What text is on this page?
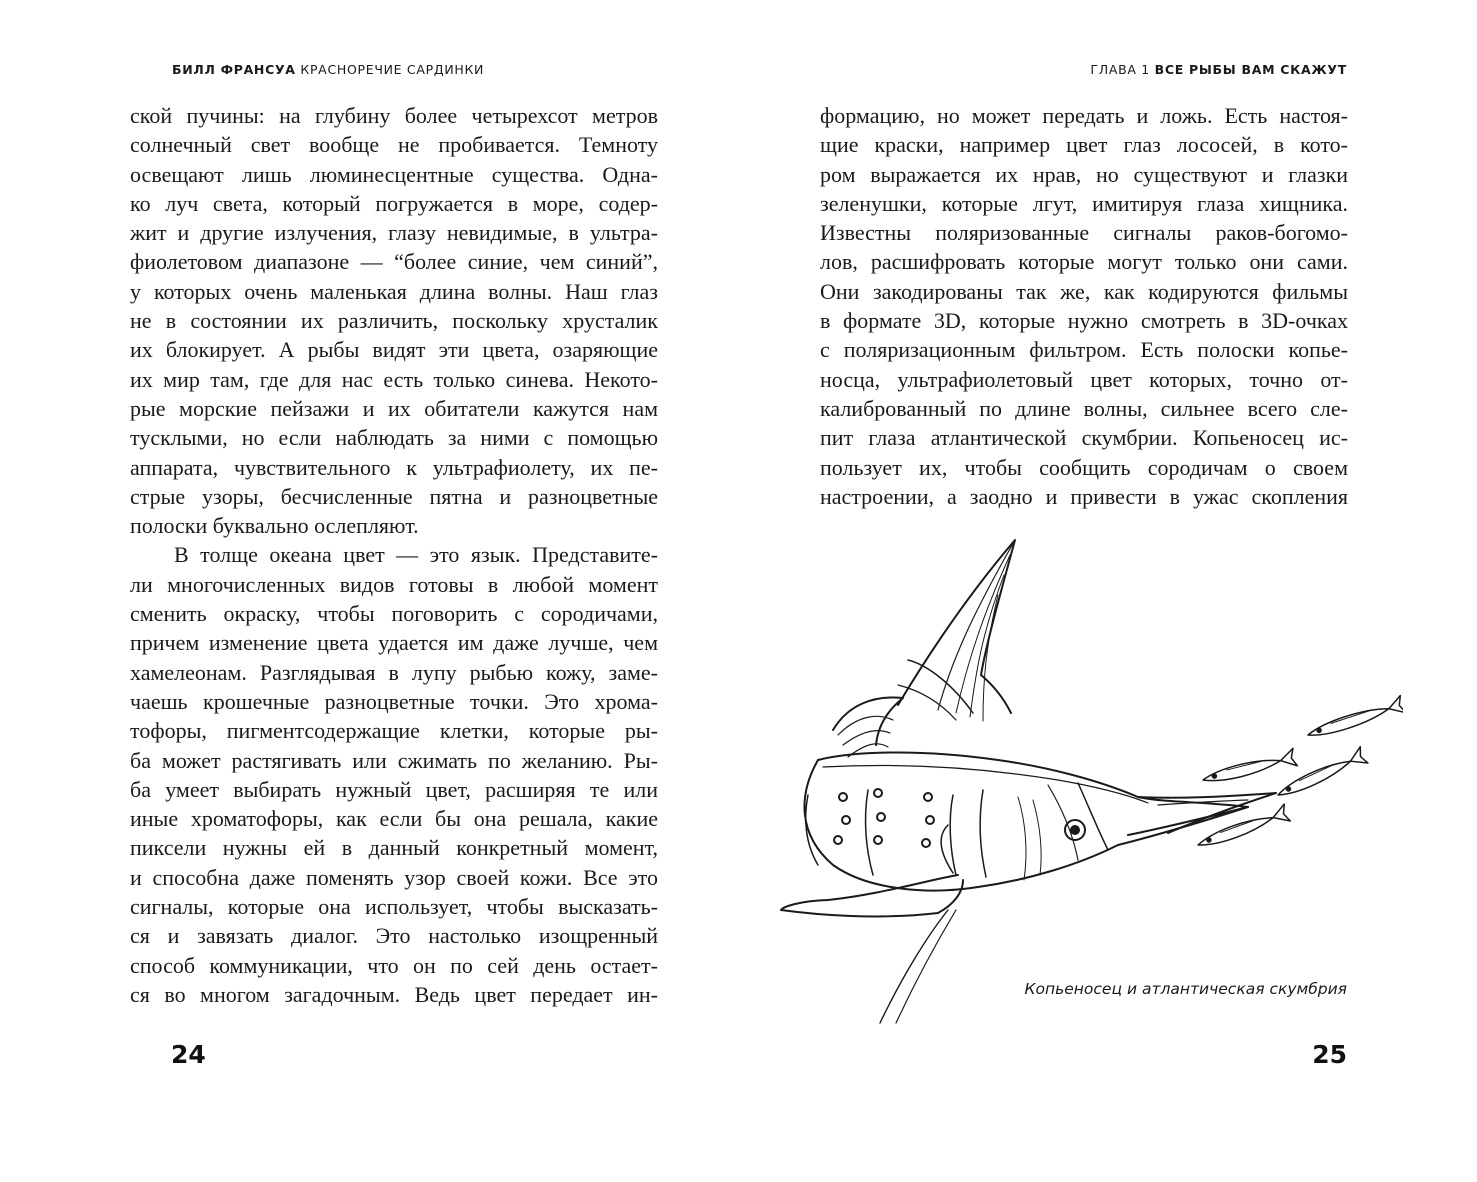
БИЛЛ ФРАНСУА КРАСНОРЕЧИЕ САРДИНКИ
ской пучины: на глубину более четырехсот метров
солнечный свет вообще не пробивается. Темноту
освещают лишь люминесцентные существа. Одна-
ко луч света, который погружается в море, содер-
жит и другие излучения, глазу невидимые, в ультра-
фиолетовом диапазоне — “более синие, чем синий”,
у которых очень маленькая длина волны. Наш глаз
не в состоянии их различить, поскольку хрусталик
их блокирует. А рыбы видят эти цвета, озаряющие
их мир там, где для нас есть только синева. Некото-
рые морские пейзажи и их обитатели кажутся нам
тусклыми, но если наблюдать за ними с помощью
аппарата, чувствительного к ультрафиолету, их пе-
стрые узоры, бесчисленные пятна и разноцветные
полоски буквально ослепляют.
В толще океана цвет — это язык. Представите-
ли многочисленных видов готовы в любой момент
сменить окраску, чтобы поговорить с сородичами,
причем изменение цвета удается им даже лучше, чем
хамелеонам. Разглядывая в лупу рыбью кожу, заме-
чаешь крошечные разноцветные точки. Это хрома-
тофоры, пигментсодержащие клетки, которые ры-
ба может растягивать или сжимать по желанию. Ры-
ба умеет выбирать нужный цвет, расширяя те или
иные хроматофоры, как если бы она решала, какие
пиксели нужны ей в данный конкретный момент,
и способна даже поменять узор своей кожи. Все это
сигналы, которые она использует, чтобы высказать-
ся и завязать диалог. Это настолько изощренный
способ коммуникации, что он по сей день остает-
ся во многом загадочным. Ведь цвет передает ин-
24
ГЛАВА 1 ВСЕ РЫБЫ ВАМ СКАЖУТ
формацию, но может передать и ложь. Есть настоя-
щие краски, например цвет глаз лососей, в кото-
ром выражается их нрав, но существуют и глазки
зеленушки, которые лгут, имитируя глаза хищника.
Известны поляризованные сигналы раков-богомо-
лов, расшифровать которые могут только они сами.
Они закодированы так же, как кодируются фильмы
в формате 3D, которые нужно смотреть в 3D-очках
с поляризационным фильтром. Есть полоски копье-
носца, ультрафиолетовый цвет которых, точно от-
калиброванный по длине волны, сильнее всего сле-
пит глаза атлантической скумбрии. Копьеносец ис-
пользует их, чтобы сообщить сородичам о своем
настроении, а заодно и привести в ужас скопления
25
Копьеносец и атлантическая скумбрия
